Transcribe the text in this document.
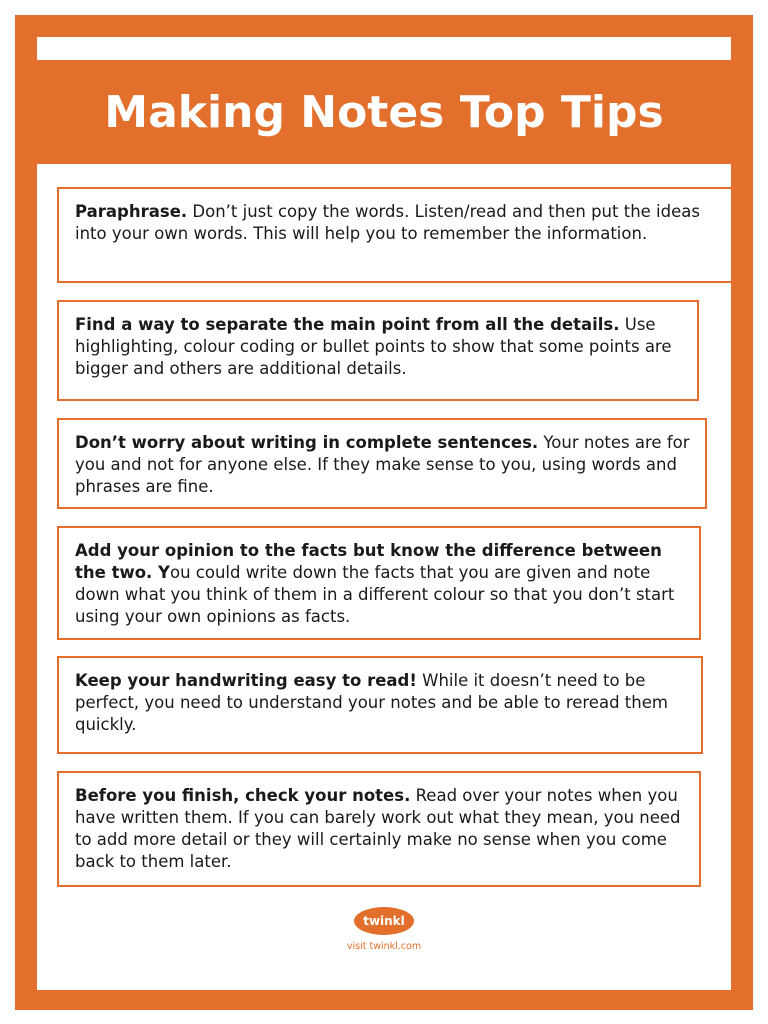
Making Notes Top Tips
Paraphrase. Don’t just copy the words. Listen/read and then put the ideas into your own words. This will help you to remember the information.
Find a way to separate the main point from all the details. Use highlighting, colour coding or bullet points to show that some points are bigger and others are additional details.
Don’t worry about writing in complete sentences. Your notes are for you and not for anyone else. If they make sense to you, using words and phrases are fine.
Add your opinion to the facts but know the difference between the two. You could write down the facts that you are given and note down what you think of them in a different colour so that you don’t start using your own opinions as facts.
Keep your handwriting easy to read! While it doesn’t need to be perfect, you need to understand your notes and be able to reread them quickly.
Before you finish, check your notes. Read over your notes when you have written them. If you can barely work out what they mean, you need to add more detail or they will certainly make no sense when you come back to them later.
twinkl
visit twinkl.com
